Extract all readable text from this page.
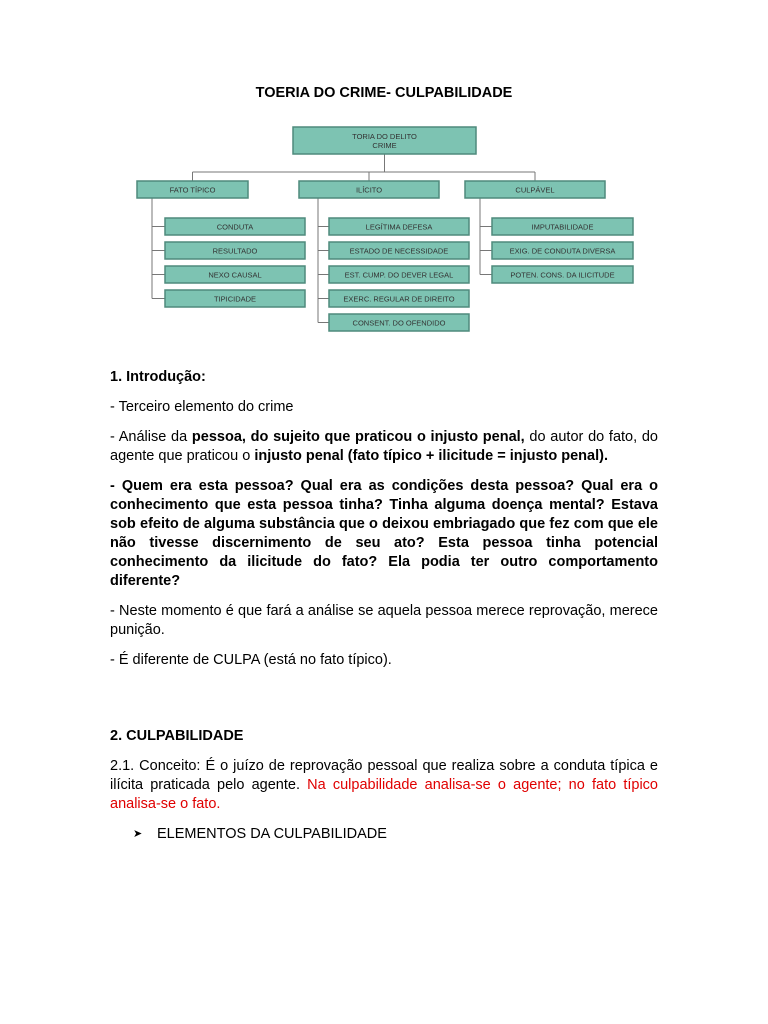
TOERIA DO CRIME- CULPABILIDADE
TORIA DO DELITO
CRIME
FATO TÍPICO
CONDUTA
RESULTADO
NEXO CAUSAL
TIPICIDADE
ILÍCITO
LEGÍTIMA DEFESA
ESTADO DE NECESSIDADE
EST. CUMP. DO DEVER LEGAL
EXERC. REGULAR DE DIREITO
CONSENT. DO OFENDIDO
CULPÁVEL
IMPUTABILIDADE
EXIG. DE CONDUTA DIVERSA
POTEN. CONS. DA ILICITUDE

1. Introdução:

- Terceiro elemento do crime

- Análise da pessoa, do sujeito que praticou o injusto penal, do autor do fato, do agente que praticou o injusto penal (fato típico + ilicitude = injusto penal).

- Quem era esta pessoa? Qual era as condições desta pessoa? Qual era o conhecimento que esta pessoa tinha? Tinha alguma doença mental? Estava sob efeito de alguma substância que o deixou embriagado que fez com que ele não tivesse discernimento de seu ato? Esta pessoa tinha potencial conhecimento da ilicitude do fato? Ela podia ter outro comportamento diferente?

- Neste momento é que fará a análise se aquela pessoa merece reprovação, merece punição.

- É diferente de CULPA (está no fato típico).

2. CULPABILIDADE

2.1. Conceito: É o juízo de reprovação pessoal que realiza sobre a conduta típica e ilícita praticada pelo agente. Na culpabilidade analisa-se o agente; no fato típico analisa-se o fato.

➤	ELEMENTOS DA CULPABILIDADE
